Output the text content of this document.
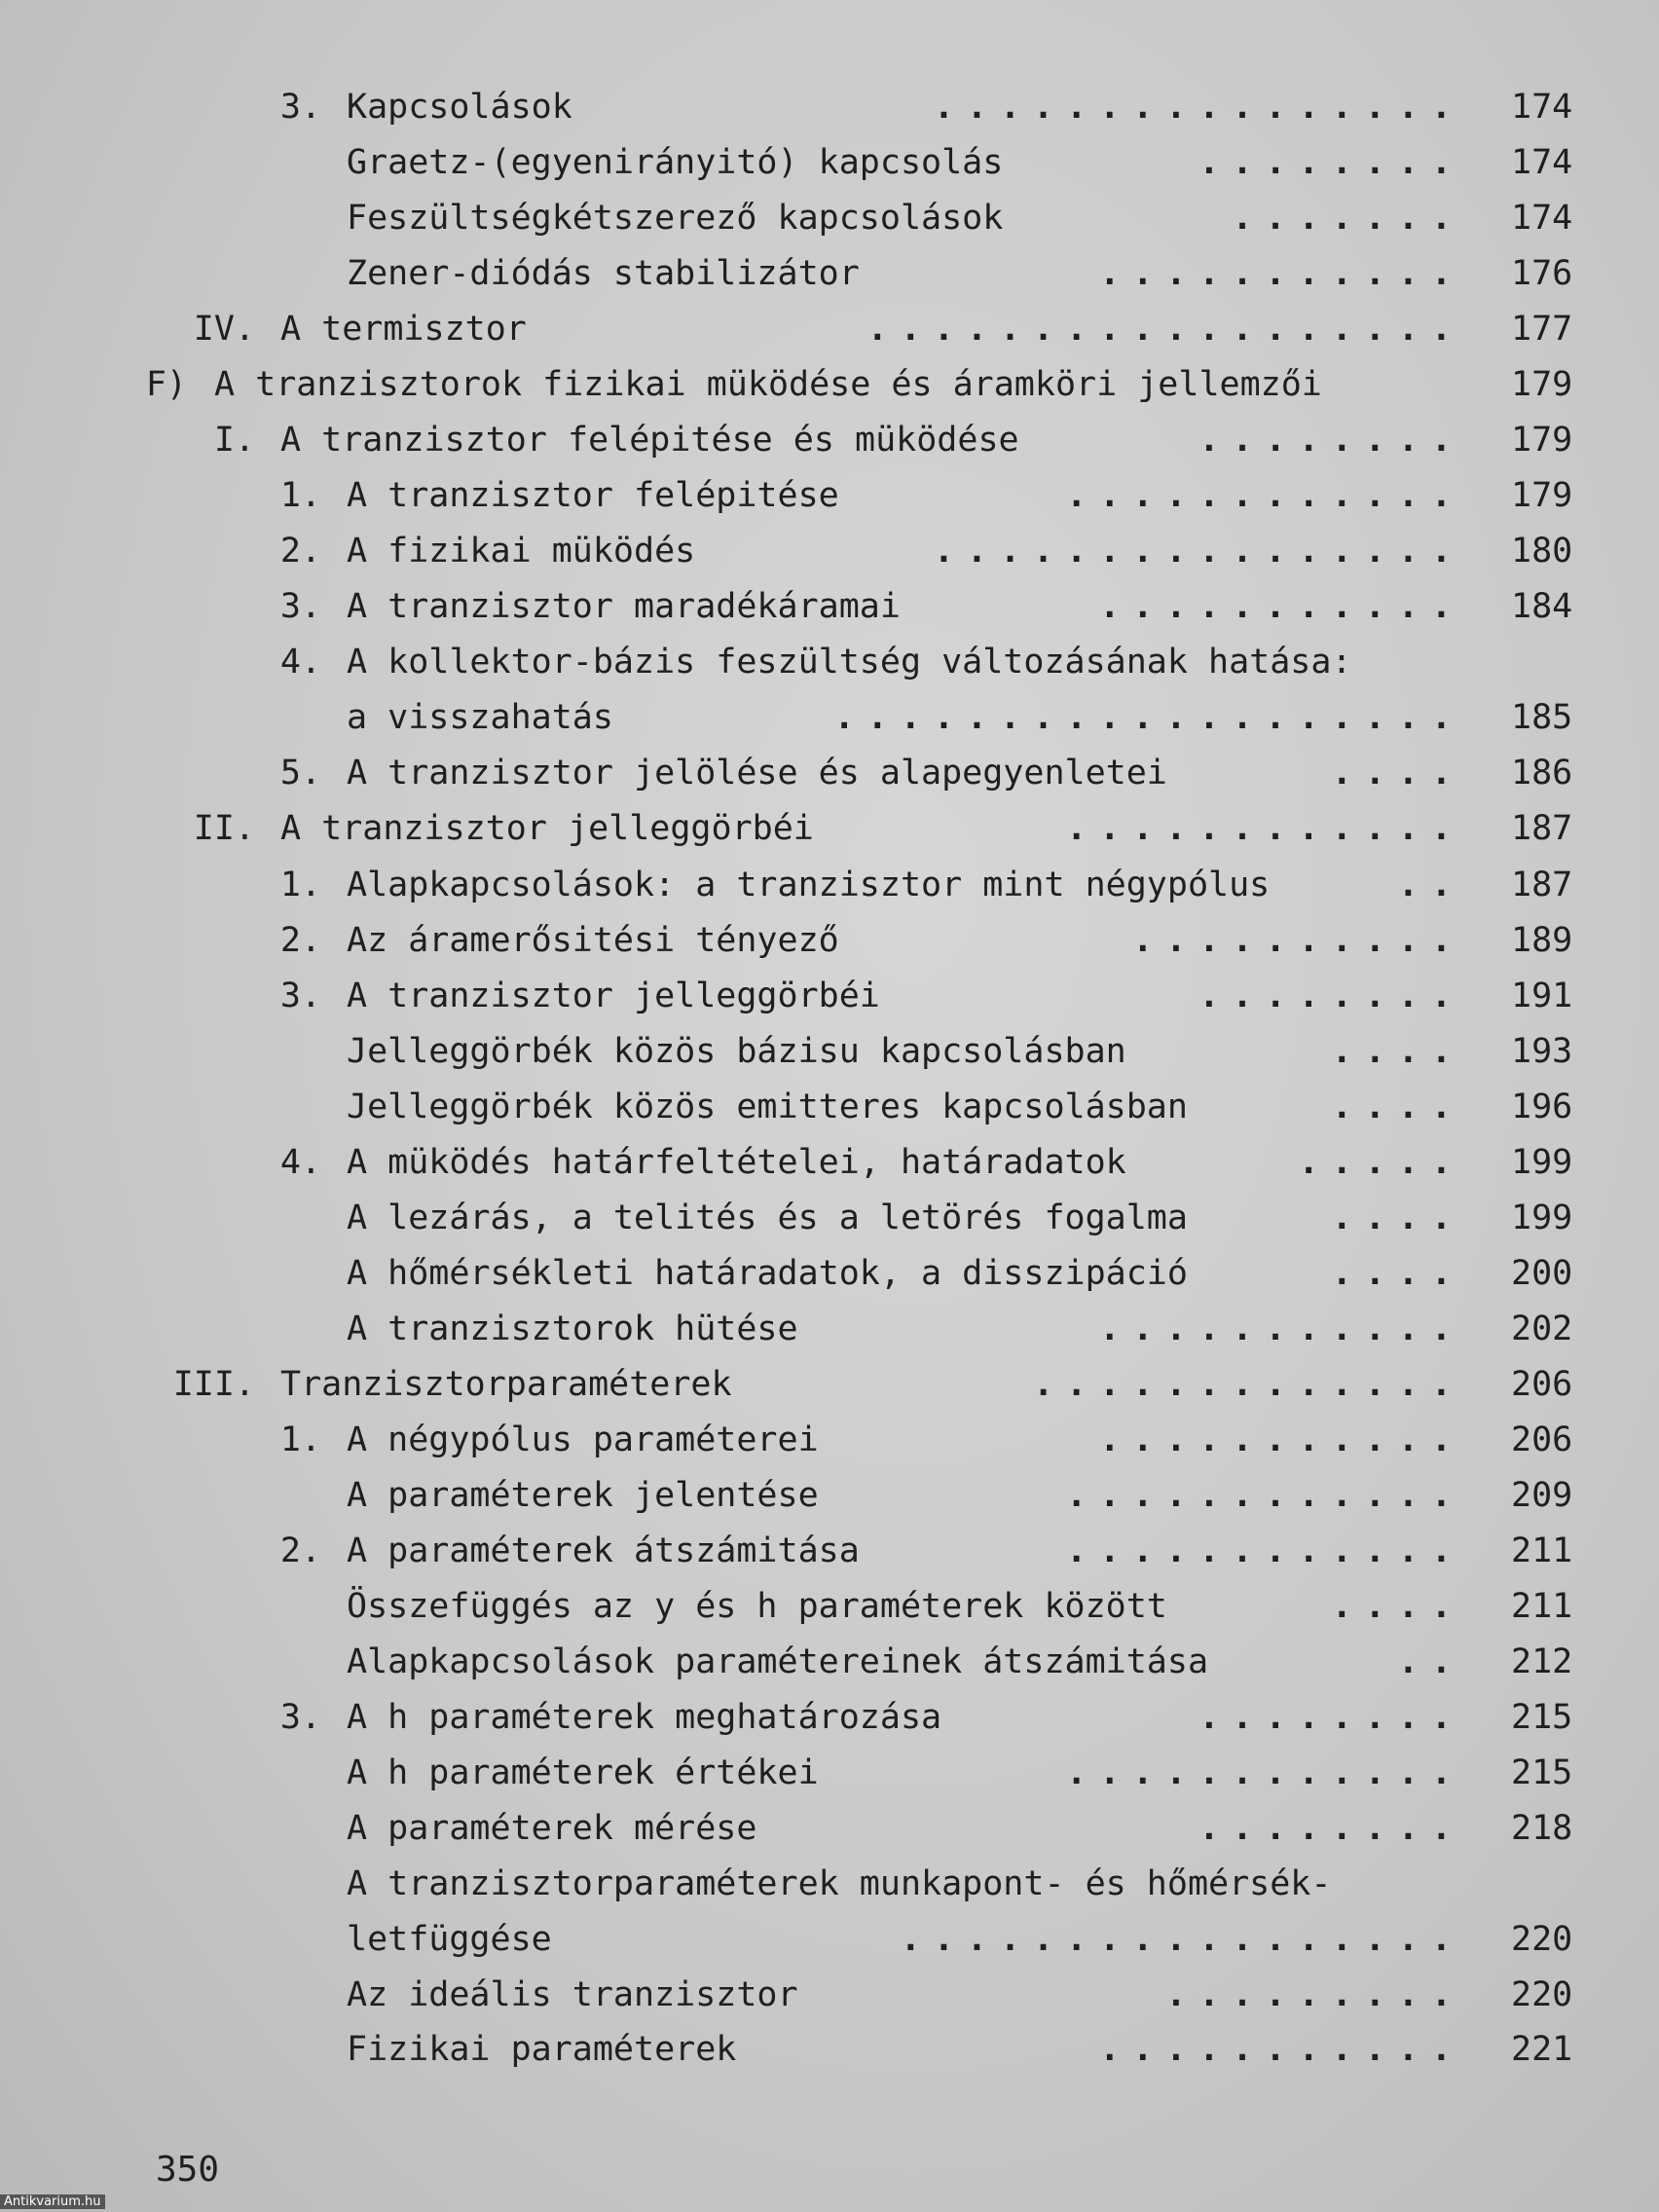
3. Kapcsolások	................ 174
Graetz-(egyenirányitó) kapcsolás	........ 174
Feszültségkétszerező kapcsolások	....... 174
Zener-diódás stabilizátor	........... 176
IV. A termisztor	.................. 177
F) A tranzisztorok fizikai müködése és áramköri jellemzői	179
I. A tranzisztor felépitése és müködése	........ 179
1. A tranzisztor felépitése	............ 179
2. A fizikai müködés	................ 180
3. A tranzisztor maradékáramai	........... 184
4. A kollektor-bázis feszültség változásának hatása:
a visszahatás	................... 185
5. A tranzisztor jelölése és alapegyenletei	.... 186
II. A tranzisztor jelleggörbéi	............ 187
1. Alapkapcsolások: a tranzisztor mint négypólus	.. 187
2. Az áramerősitési tényező	.......... 189
3. A tranzisztor jelleggörbéi	........ 191
Jelleggörbék közös bázisu kapcsolásban	.... 193
Jelleggörbék közös emitteres kapcsolásban	.... 196
4. A müködés határfeltételei, határadatok	..... 199
A lezárás, a telités és a letörés fogalma	.... 199
A hőmérsékleti határadatok, a disszipáció	.... 200
A tranzisztorok hütése	........... 202
III. Tranzisztorparaméterek	............. 206
1. A négypólus paraméterei	........... 206
A paraméterek jelentése	............ 209
2. A paraméterek átszámitása	............ 211
Összefüggés az y és h paraméterek között	.... 211
Alapkapcsolások paramétereinek átszámitása	.. 212
3. A h paraméterek meghatározása	........ 215
A h paraméterek értékei	............ 215
A paraméterek mérése	........ 218
A tranzisztorparaméterek munkapont- és hőmérsék-
letfüggése	................. 220
Az ideális tranzisztor	......... 220
Fizikai paraméterek	........... 221
350
Antikvarium.hu
